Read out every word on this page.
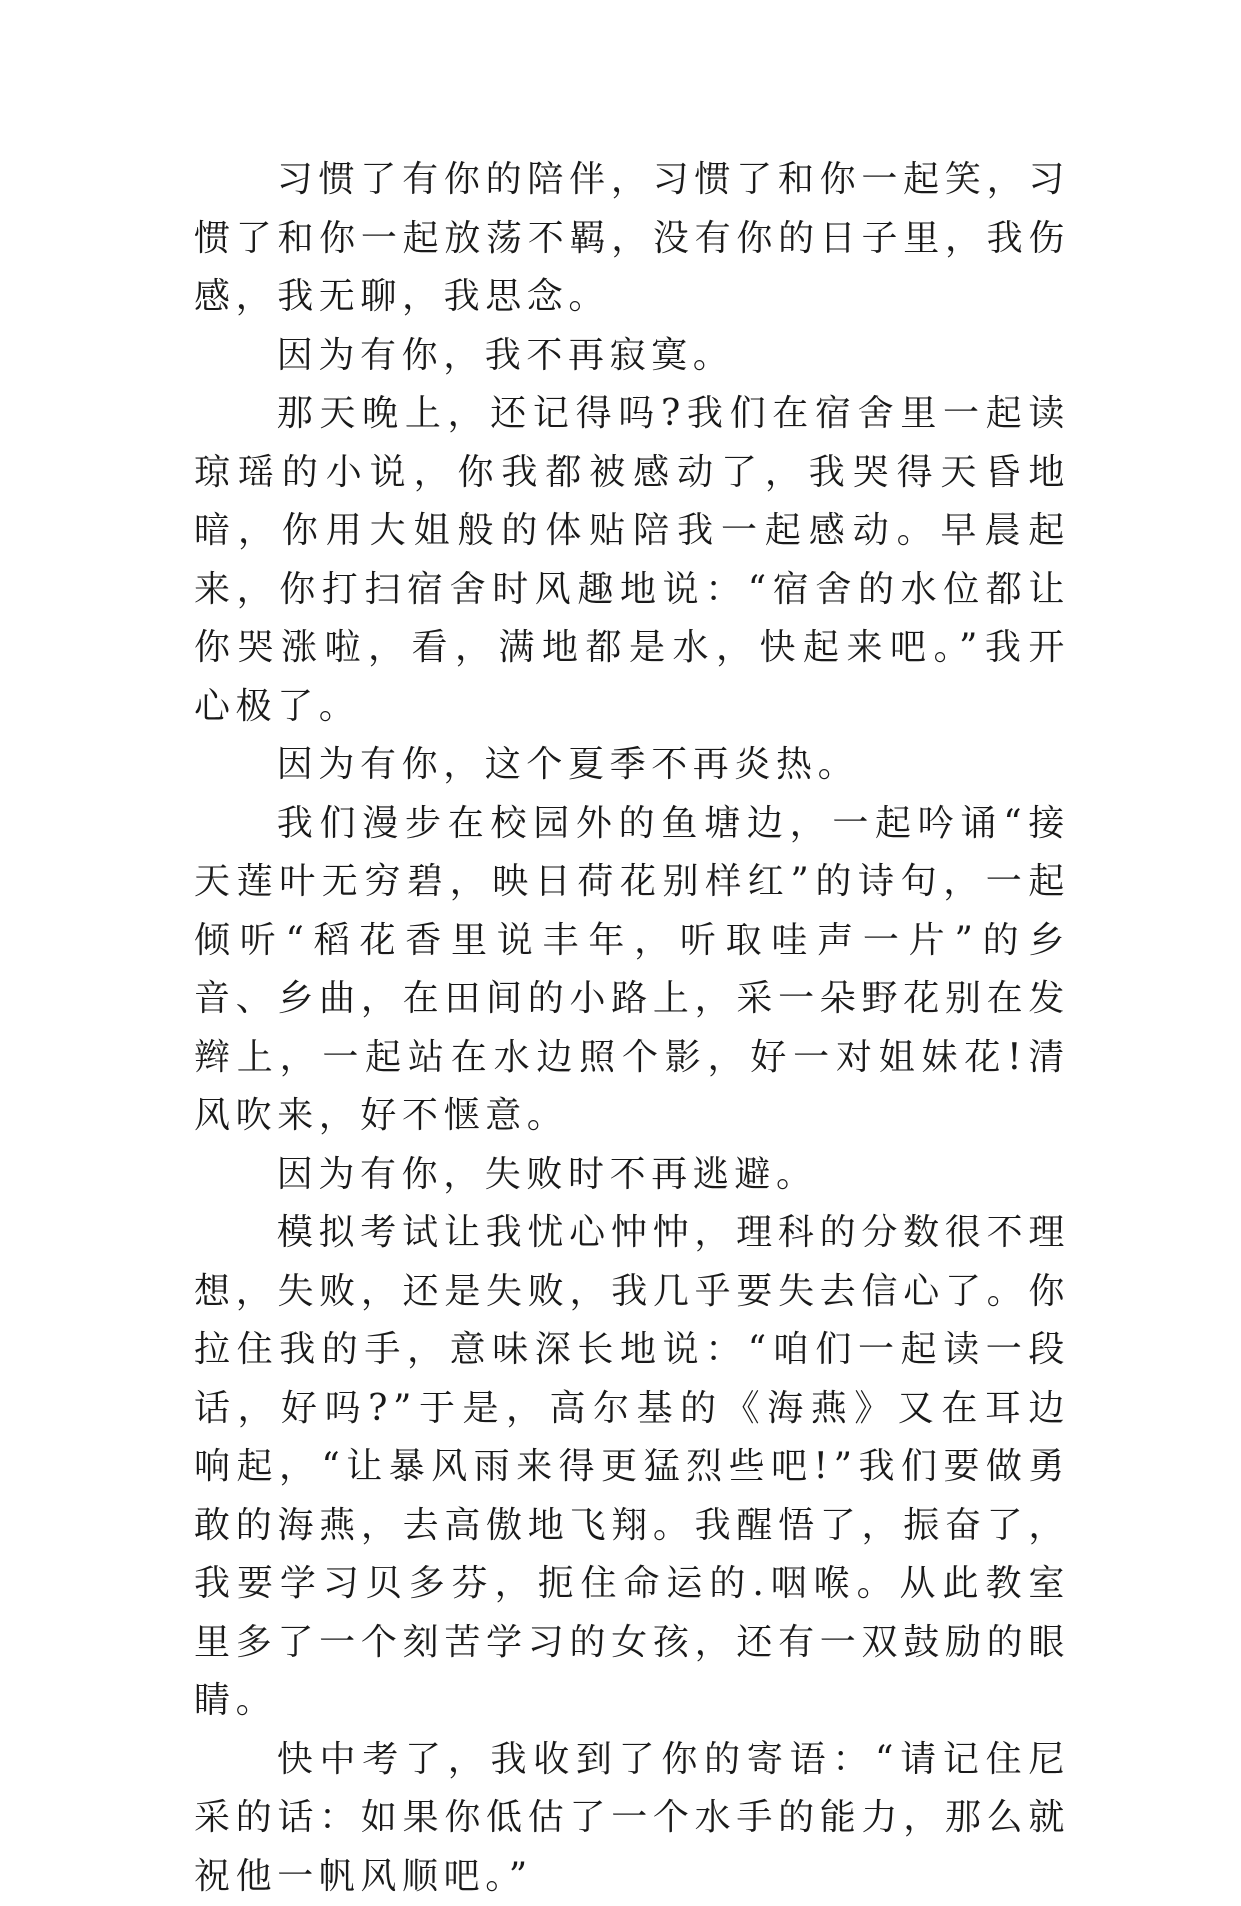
习惯了有你的陪伴，习惯了和你一起笑，习惯了和你一起放荡不羁，没有你的日子里，我伤感，我无聊，我思念。

因为有你，我不再寂寞。

那天晚上，还记得吗?我们在宿舍里一起读琼瑶的小说，你我都被感动了，我哭得天昏地暗，你用大姐般的体贴陪我一起感动。早晨起来，你打扫宿舍时风趣地说：“宿舍的水位都让你哭涨啦，看，满地都是水，快起来吧。”我开心极了。

因为有你，这个夏季不再炎热。

我们漫步在校园外的鱼塘边，一起吟诵“接天莲叶无穷碧，映日荷花别样红”的诗句，一起倾听“稻花香里说丰年，听取哇声一片”的乡音、乡曲，在田间的小路上，采一朵野花别在发辫上，一起站在水边照个影，好一对姐妹花!清风吹来，好不惬意。

因为有你，失败时不再逃避。

模拟考试让我忧心忡忡，理科的分数很不理想，失败，还是失败，我几乎要失去信心了。你拉住我的手，意味深长地说：“咱们一起读一段话，好吗?”于是，高尔基的《海燕》又在耳边响起，“让暴风雨来得更猛烈些吧!”我们要做勇敢的海燕，去高傲地飞翔。我醒悟了，振奋了，我要学习贝多芬，扼住命运的.咽喉。从此教室里多了一个刻苦学习的女孩，还有一双鼓励的眼睛。

快中考了，我收到了你的寄语：“请记住尼采的话：如果你低估了一个水手的能力，那么就祝他一帆风顺吧。”
